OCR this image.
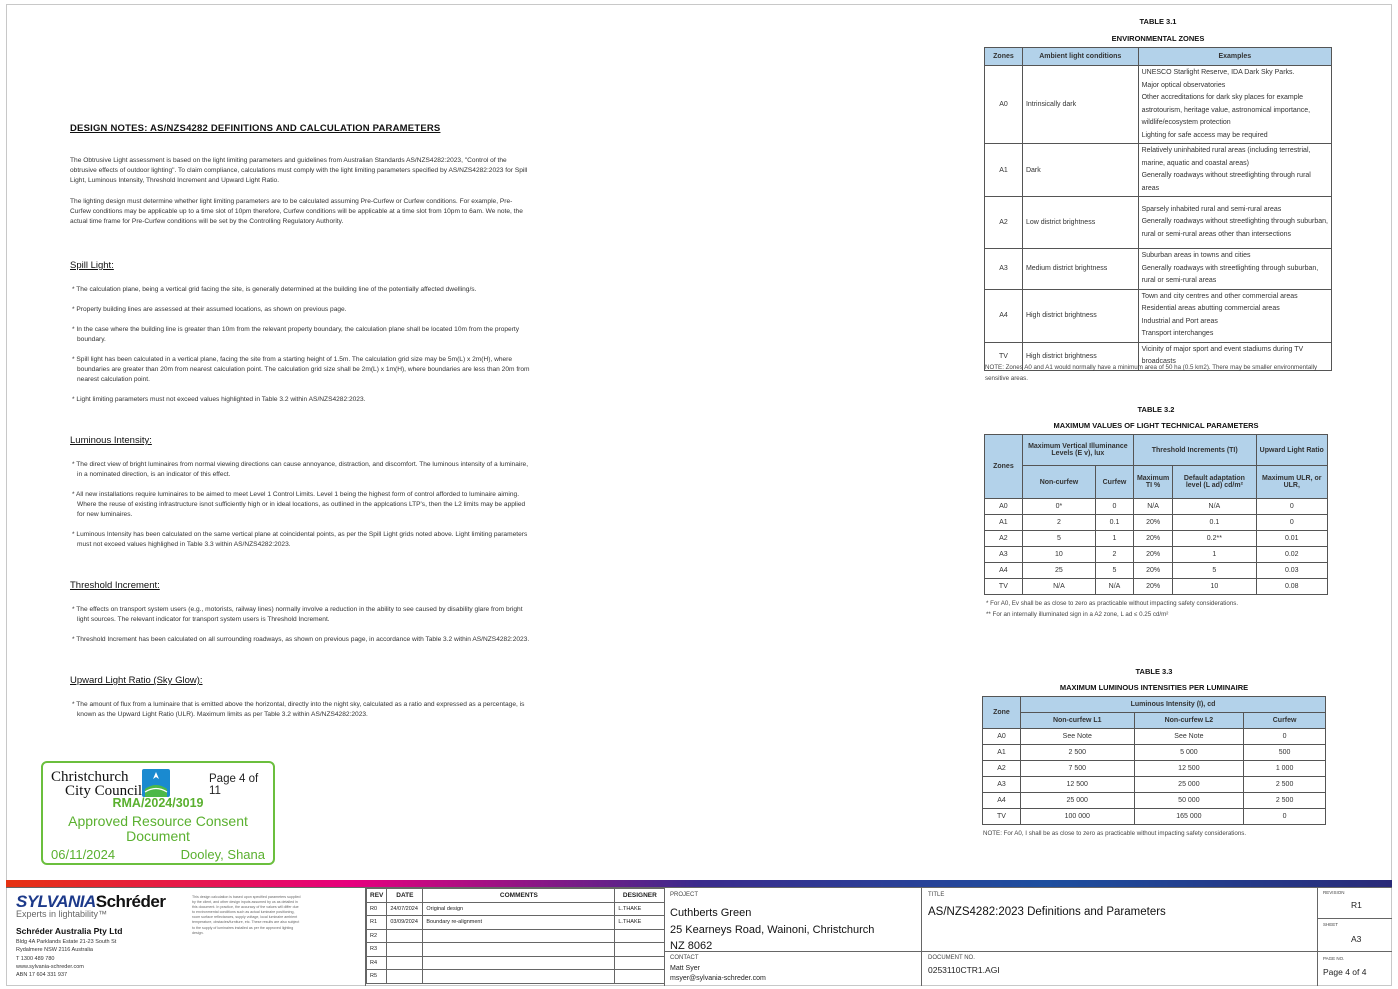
DESIGN NOTES: AS/NZS4282 DEFINITIONS AND CALCULATION PARAMETERS

The Obtrusive Light assessment is based on the light limiting parameters and guidelines from Australian Standards AS/NZS4282:2023, "Control of the obtrusive effects of outdoor lighting". To claim compliance, calculations must comply with the light limiting parameters specified by AS/NZS4282:2023 for Spill Light, Luminous Intensity, Threshold Increment and Upward Light Ratio.

The lighting design must determine whether light limiting parameters are to be calculated assuming Pre-Curfew or Curfew conditions. For example, Pre-Curfew conditions may be applicable up to a time slot of 10pm therefore, Curfew conditions will be applicable at a time slot from 10pm to 6am. We note, the actual time frame for Pre-Curfew conditions will be set by the Controlling Regulatory Authority.

Spill Light:
* The calculation plane, being a vertical grid facing the site, is generally determined at the building line of the potentially affected dwelling/s.
* Property building lines are assessed at their assumed locations, as shown on previous page.
* In the case where the building line is greater than 10m from the relevant property boundary, the calculation plane shall be located 10m from the property boundary.
* Spill light has been calculated in a vertical plane, facing the site from a starting height of 1.5m. The calculation grid size may be 5m(L) x 2m(H), where boundaries are greater than 20m from nearest calculation point. The calculation grid size shall be 2m(L) x 1m(H), where boundaries are less than 20m from nearest calculation point.
* Light limiting parameters must not exceed values highlighted in Table 3.2 within AS/NZS4282:2023.
Luminous Intensity:
* The direct view of bright luminaires from normal viewing directions can cause annoyance, distraction, and discomfort. The luminous intensity of a luminaire, in a nominated direction, is an indicator of this effect.
* All new installations require luminaires to be aimed to meet Level 1 Control Limits. Level 1 being the highest form of control afforded to luminaire aiming. Where the reuse of existing infrastructure isnot sufficiently high or in ideal locations, as outlined in the applcations LTP's, then the L2 limits may be applied for new luminaires.
* Luminous Intensity has been calculated on the same vertical plane at coincidental points, as per the Spill Light grids noted above. Light limiting parameters must not exceed values highlighed in Table 3.3 within AS/NZS4282:2023.
Threshold Increment:
* The effects on transport system users (e.g., motorists, railway lines) normally involve a reduction in the ability to see caused by disability glare from bright light sources. The relevant indicator for transport system users is Threshold Increment.
* Threshold Increment has been calculated on all surrounding roadways, as shown on previous page, in accordance with Table 3.2 within AS/NZS4282:2023.
Upward Light Ratio (Sky Glow):
* The amount of flux from a luminaire that is emitted above the horizontal, directly into the night sky, calculated as a ratio and expressed as a percentage, is known as the Upward Light Ratio (ULR). Maximum limits as per Table 3.2 within AS/NZS4282:2023.
Christchurch
City Council
Page 4 of 11
RMA/2024/3019
Approved Resource Consent
Document
06/11/2024	Dooley, Shana
TABLE 3.1
ENVIRONMENTAL ZONES
Zones	Ambient light conditions	Examples
A0	Intrinsically dark	UNESCO Starlight Reserve, IDA Dark Sky Parks.
Major optical observatories
Other accreditations for dark sky places for example astrotourism, heritage value, astronomical importance, wildlife/ecosystem protection
Lighting for safe access may be required

A1	Dark	Relatively uninhabited rural areas (including terrestrial, marine, aquatic and coastal areas)
Generally roadways without streetlighting through rural areas

A2	Low district brightness	Sparsely inhabited rural and semi-rural areas
Generally roadways without streetlighting through suburban, rural or semi-rural areas other than intersections

A3	Medium district brightness	Suburban areas in towns and cities
Generally roadways with streetlighting through suburban, rural or semi-rural areas

A4	High district brightness	Town and city centres and other commercial areas
Residential areas abutting commercial areas
Industrial and Port areas
Transport interchanges

TV	High district brightness	Vicinity of major sport and event stadiums during TV broadcasts
NOTE: Zones A0 and A1 would normally have a minimum area of 50 ha (0.5 km2). There may be smaller environmentally sensitive areas.
TABLE 3.2
MAXIMUM VALUES OF LIGHT TECHNICAL PARAMETERS
Zones	Maximum Vertical Illuminance Levels (E v), lux		Threshold Increments (TI)		Upward Light Ratio
	Non-curfew	Curfew	Maximum TI %	Default adaptation level (L ad) cd/m²	Maximum ULR, or ULR,
A0	0*	0	N/A	N/A	0
A1	2	0.1	20%	0.1	0
A2	5	1	20%	0.2**	0.01
A3	10	2	20%	1	0.02
A4	25	5	20%	5	0.03
TV	N/A	N/A	20%	10	0.08
* For A0, Ev shall be as close to zero as practicable without impacting safety considerations.
** For an internally illuminated sign in a A2 zone, L ad ≤ 0.25 cd/m²
TABLE 3.3
MAXIMUM LUMINOUS INTENSITIES PER LUMINAIRE
Zone	Luminous Intensity (I), cd		
	Non-curfew L1	Non-curfew L2	Curfew
A0	See Note	See Note	0
A1	2 500	5 000	500
A2	7 500	12 500	1 000
A3	12 500	25 000	2 500
A4	25 000	50 000	2 500
TV	100 000	165 000	0
NOTE: For A0, I shall be as close to zero as practicable without impacting safety considerations.
SYLVANIASchréder
Experts in lightability™
Schréder Australia Pty Ltd
Bldg 4A Parklands Estate 21-23 South St
Rydalmere NSW 2116 Australia
T 1300 489 780
www.sylvania-schreder.com
ABN 17 604 331 937
This design calculation is based upon specified parameters supplied by the client, and other design inputs assumed by us as detailed in this document. In practice, the accuracy of the values will differ due to environmental conditions such as actual luminaire positioning, room surface reflectances, supply voltage, local luminaire ambient temperature, obstacles/furniture, etc. These results are also subject to the supply of luminaires installed as per the approved lighting design.
REV	DATE	COMMENTS	DESIGNER
R0	24/07/2024	Original design	L.THAKE
R1	03/09/2024	Boundary re-alignment	L.THAKE
R2			
R3			
R4			
R5			
PROJECT
Cuthberts Green
25 Kearneys Road, Wainoni, Christchurch
NZ 8062
CONTACT
Matt Syer
msyer@sylvania-schreder.com
TITLE
AS/NZS4282:2023 Definitions and Parameters
DOCUMENT NO.
0253110CTR1.AGI
REVISION
R1
SHEET
A3
PAGE NO.
Page 4 of 4
